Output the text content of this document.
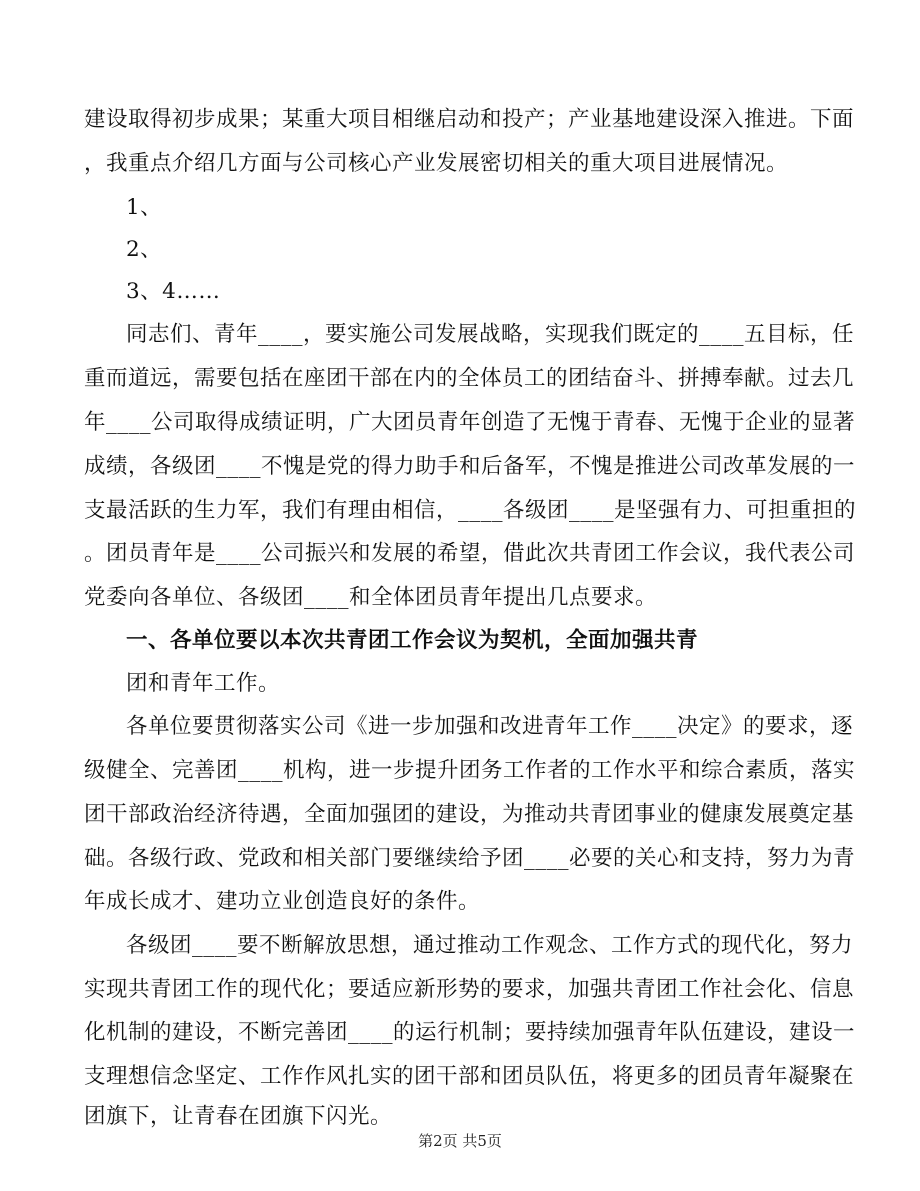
建设取得初步成果；某重大项目相继启动和投产；产业基地建设深入推进。下面

，我重点介绍几方面与公司核心产业发展密切相关的重大项目进展情况。

1、

2、

3、4……

同志们、青年____，要实施公司发展战略，实现我们既定的____五目标，任

重而道远，需要包括在座团干部在内的全体员工的团结奋斗、拼搏奉献。过去几

年____公司取得成绩证明，广大团员青年创造了无愧于青春、无愧于企业的显著

成绩，各级团____不愧是党的得力助手和后备军，不愧是推进公司改革发展的一

支最活跃的生力军，我们有理由相信，____各级团____是坚强有力、可担重担的

。团员青年是____公司振兴和发展的希望，借此次共青团工作会议，我代表公司

党委向各单位、各级团____和全体团员青年提出几点要求。

一、各单位要以本次共青团工作会议为契机，全面加强共青

团和青年工作。

各单位要贯彻落实公司《进一步加强和改进青年工作____决定》的要求，逐

级健全、完善团____机构，进一步提升团务工作者的工作水平和综合素质，落实

团干部政治经济待遇，全面加强团的建设，为推动共青团事业的健康发展奠定基

础。各级行政、党政和相关部门要继续给予团____必要的关心和支持，努力为青

年成长成才、建功立业创造良好的条件。

各级团____要不断解放思想，通过推动工作观念、工作方式的现代化，努力

实现共青团工作的现代化；要适应新形势的要求，加强共青团工作社会化、信息

化机制的建设，不断完善团____的运行机制；要持续加强青年队伍建设，建设一

支理想信念坚定、工作作风扎实的团干部和团员队伍，将更多的团员青年凝聚在

团旗下，让青春在团旗下闪光。

第2页 共5页
